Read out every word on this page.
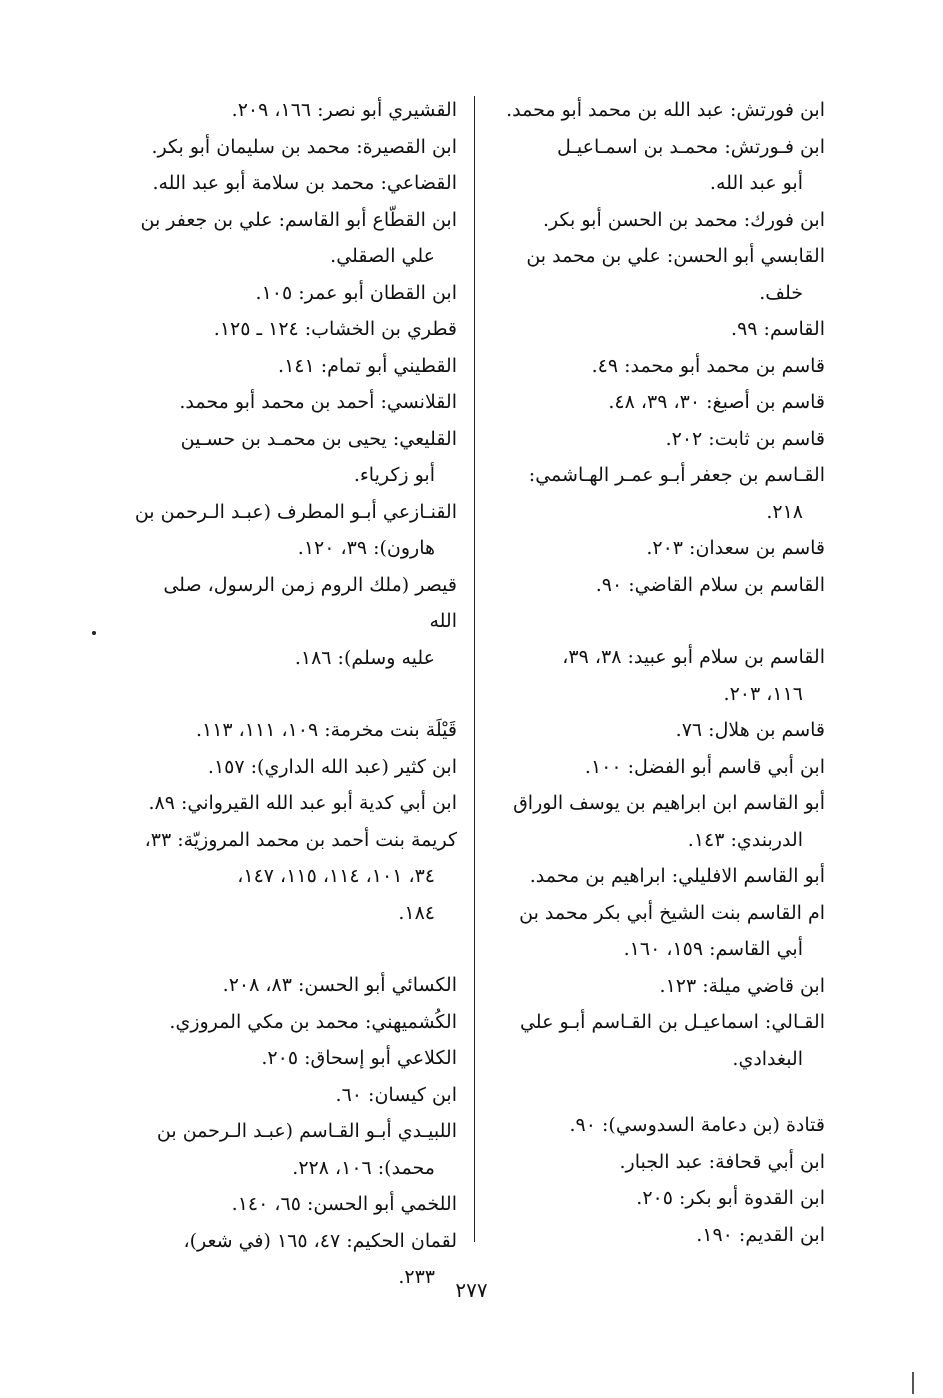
ابن فورتش: عبد الله بن محمد أبو محمد.
ابن فـورتش: محمـد بن اسمـاعيـل
أبو عبد الله.
ابن فورك: محمد بن الحسن أبو بكر.
القابسي أبو الحسن: علي بن محمد بن
خلف.
القاسم: ٩٩.
قاسم بن محمد أبو محمد: ٤٩.
قاسم بن أصبغ: ٣٠، ٣٩، ٤٨.
قاسم بن ثابت: ٢٠٢.
القـاسم بن جعفر أبـو عمـر الهـاشمي:
٢١٨.
قاسم بن سعدان: ٢٠٣.
القاسم بن سلام القاضي: ٩٠.
القاسم بن سلام أبو عبيد: ٣٨، ٣٩،
١١٦، ٢٠٣.
قاسم بن هلال: ٧٦.
ابن أبي قاسم أبو الفضل: ١٠٠.
أبو القاسم ابن ابراهيم بن يوسف الوراق
الدربندي: ١٤٣.
أبو القاسم الافليلي: ابراهيم بن محمد.
ام القاسم بنت الشيخ أبي بكر محمد بن
أبي القاسم: ١٥٩، ١٦٠.
ابن قاضي ميلة: ١٢٣.
القـالي: اسماعيـل بن القـاسم أبـو علي
البغدادي.
قتادة (بن دعامة السدوسي): ٩٠.
ابن أبي قحافة: عبد الجبار.
ابن القدوة أبو بكر: ٢٠٥.
ابن القديم: ١٩٠.
القشيري أبو نصر: ١٦٦، ٢٠٩.
ابن القصيرة: محمد بن سليمان أبو بكر.
القضاعي: محمد بن سلامة أبو عبد الله.
ابن القطّاع أبو القاسم: علي بن جعفر بن
علي الصقلي.
ابن القطان أبو عمر: ١٠٥.
قطري بن الخشاب: ١٢٤ ـ ١٢٥.
القطيني أبو تمام: ١٤١.
القلانسي: أحمد بن محمد أبو محمد.
القليعي: يحيى بن محمـد بن حسـين
أبو زكرياء.
القنـازعي أبـو المطرف (عبـد الـرحمن بن
هارون): ٣٩، ١٢٠.
قيصر (ملك الروم زمن الرسول، صلى الله
عليه وسلم): ١٨٦.
قَيْلَة بنت مخرمة: ١٠٩، ١١١، ١١٣.
ابن كثير (عبد الله الداري): ١٥٧.
ابن أبي كدية أبو عبد الله القيرواني: ٨٩.
كريمة بنت أحمد بن محمد المروزيّة: ٣٣،
٣٤، ١٠١، ١١٤، ١١٥، ١٤٧،
١٨٤.
الكسائي أبو الحسن: ٨٣، ٢٠٨.
الكُشميهني: محمد بن مكي المروزي.
الكلاعي أبو إسحاق: ٢٠٥.
ابن كيسان: ٦٠.
اللبيـدي أبـو القـاسم (عبـد الـرحمن بن
محمد): ١٠٦، ٢٢٨.
اللخمي أبو الحسن: ٦٥، ١٤٠.
لقمان الحكيم: ٤٧، ١٦٥ (في شعر)،
٢٣٣.
٢٧٧
